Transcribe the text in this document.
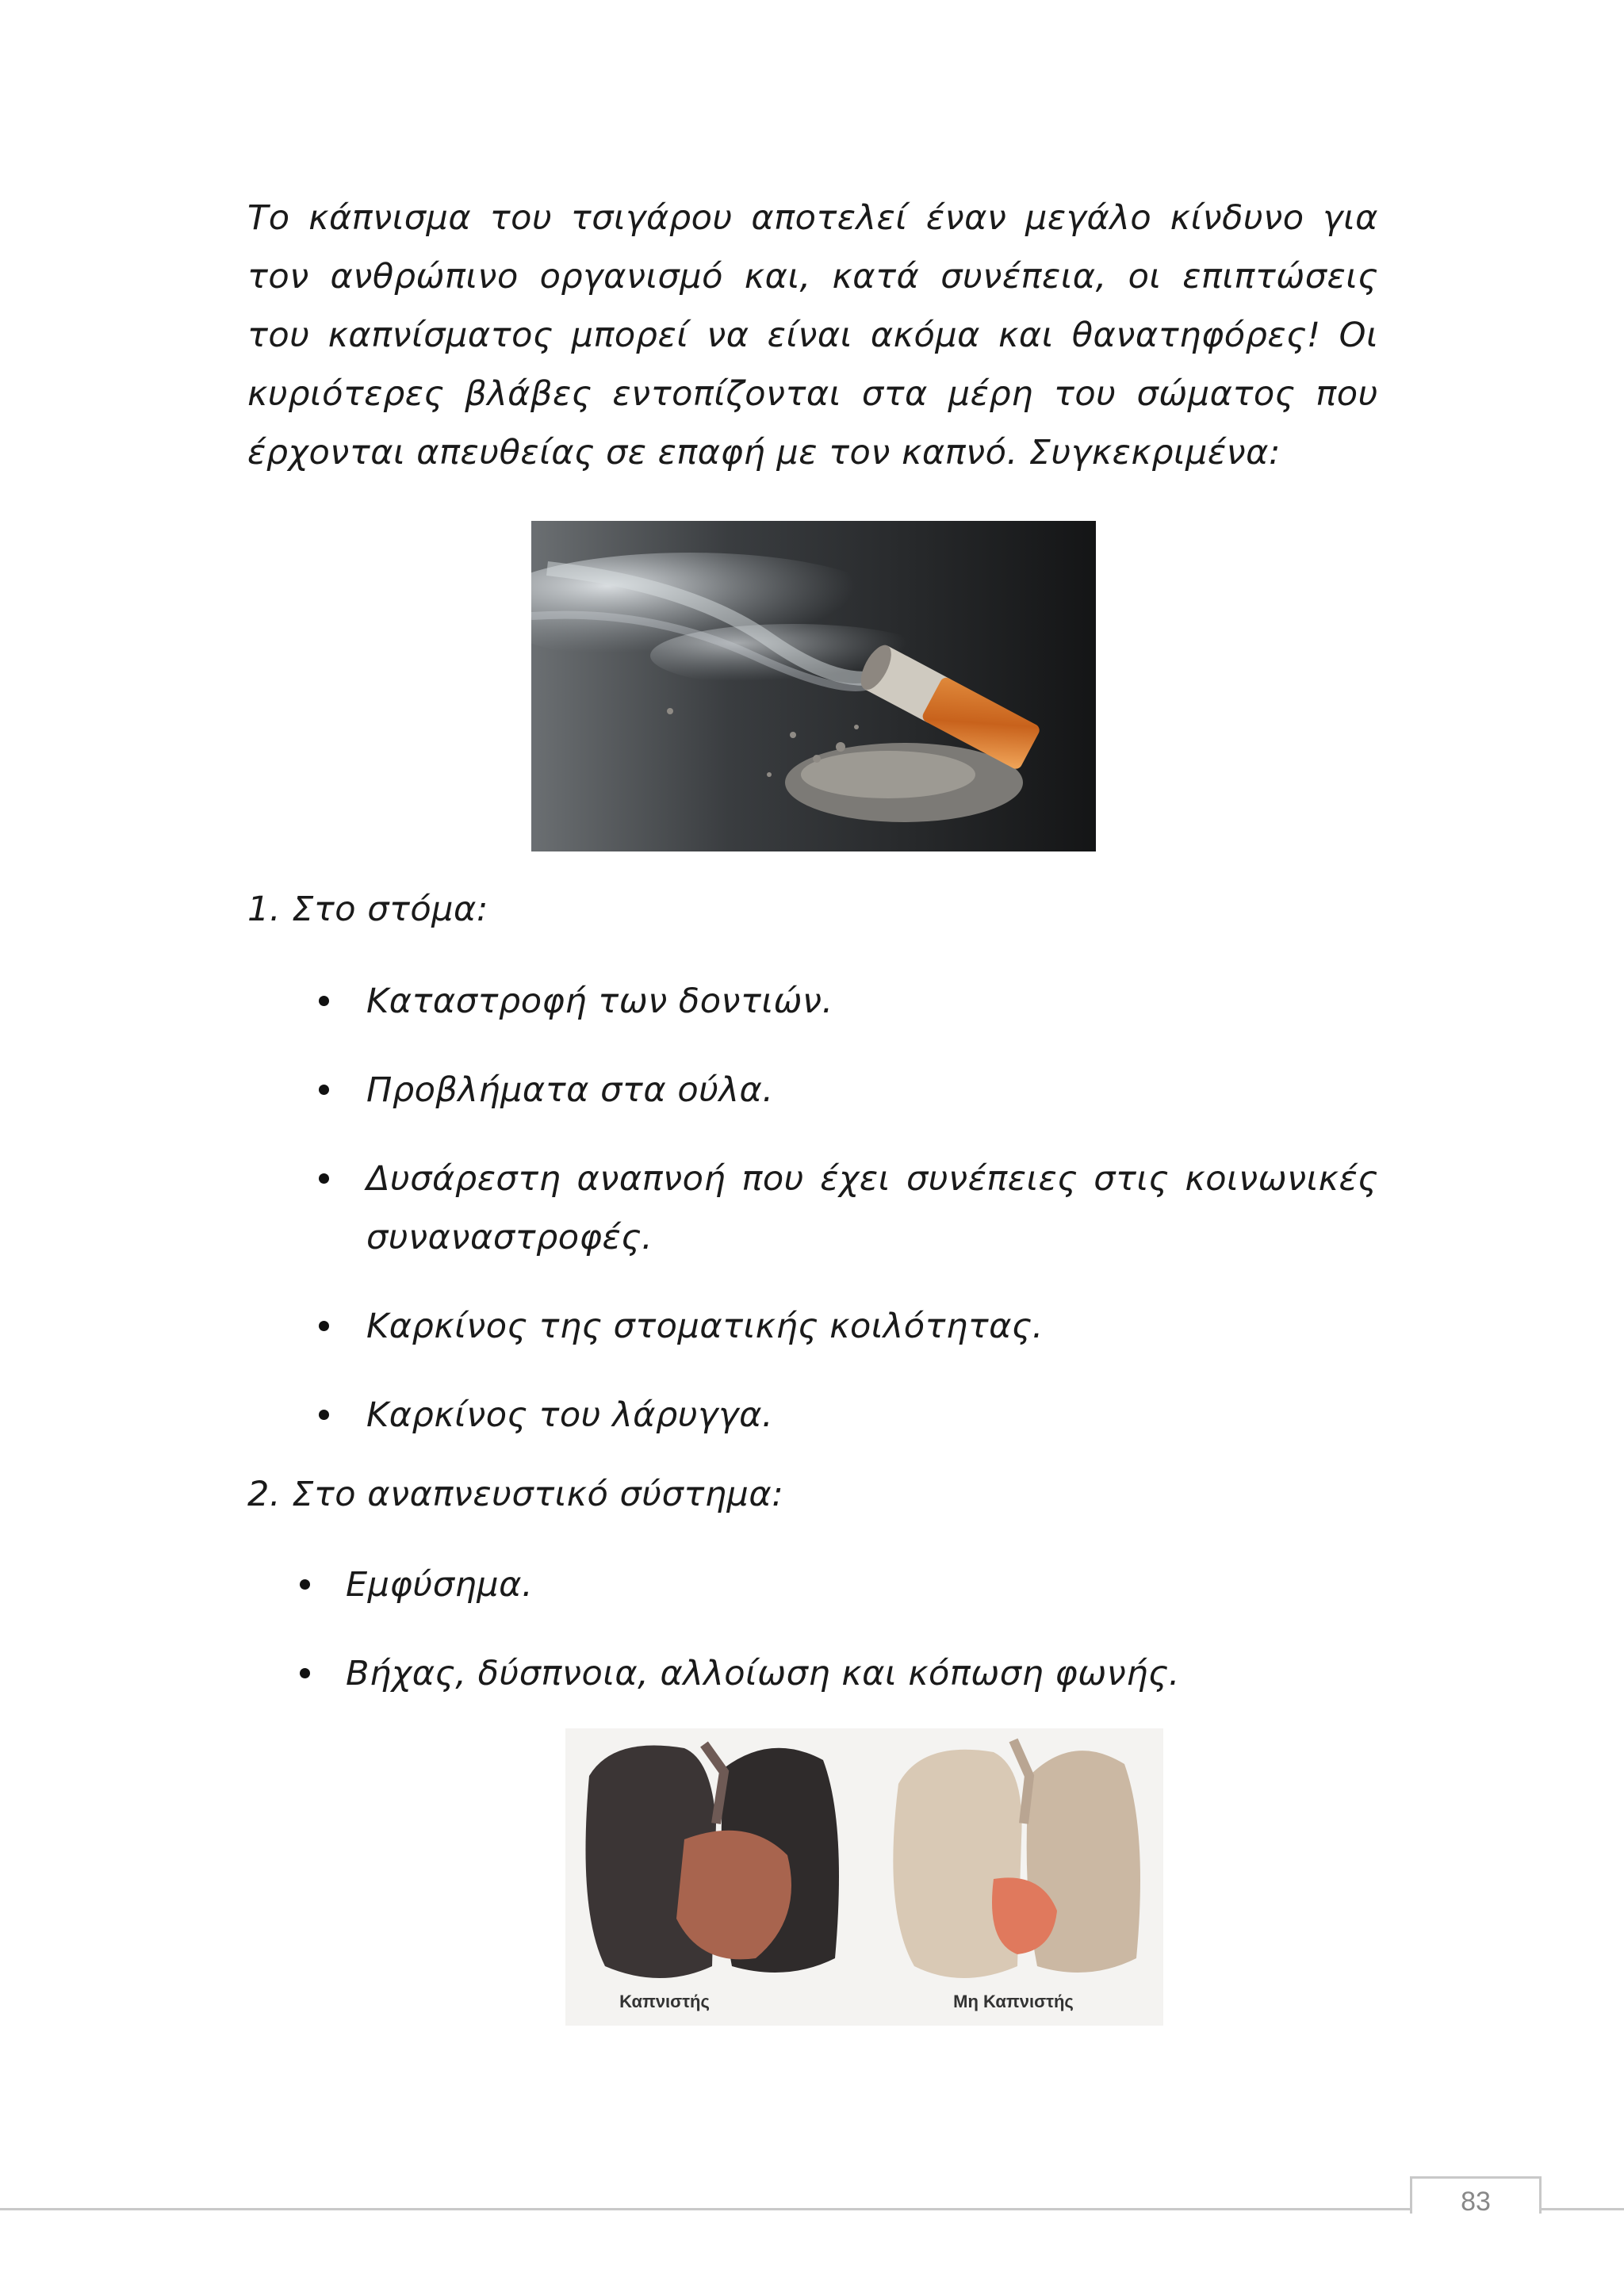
Το κάπνισμα του τσιγάρου αποτελεί έναν μεγάλο κίνδυνο για τον ανθρώπινο οργανισμό και, κατά συνέπεια, οι επιπτώσεις του καπνίσματος μπορεί να είναι ακόμα και θανατηφόρες! Οι κυριότερες βλάβες εντοπίζονται στα μέρη του σώματος που έρχονται απευθείας σε επαφή με τον καπνό. Συγκεκριμένα:

1. Στο στόμα:
Καταστροφή των δοντιών.
Προβλήματα στα ούλα.
Δυσάρεστη αναπνοή που έχει συνέπειες στις κοινωνικές συναναστροφές.
Καρκίνος της στοματικής κοιλότητας.
Καρκίνος του λάρυγγα.
2. Στο αναπνευστικό σύστημα:
Εμφύσημα.
Βήχας, δύσπνοια, αλλοίωση και κόπωση φωνής.
Καπνιστής	Μη Καπνιστής
83
